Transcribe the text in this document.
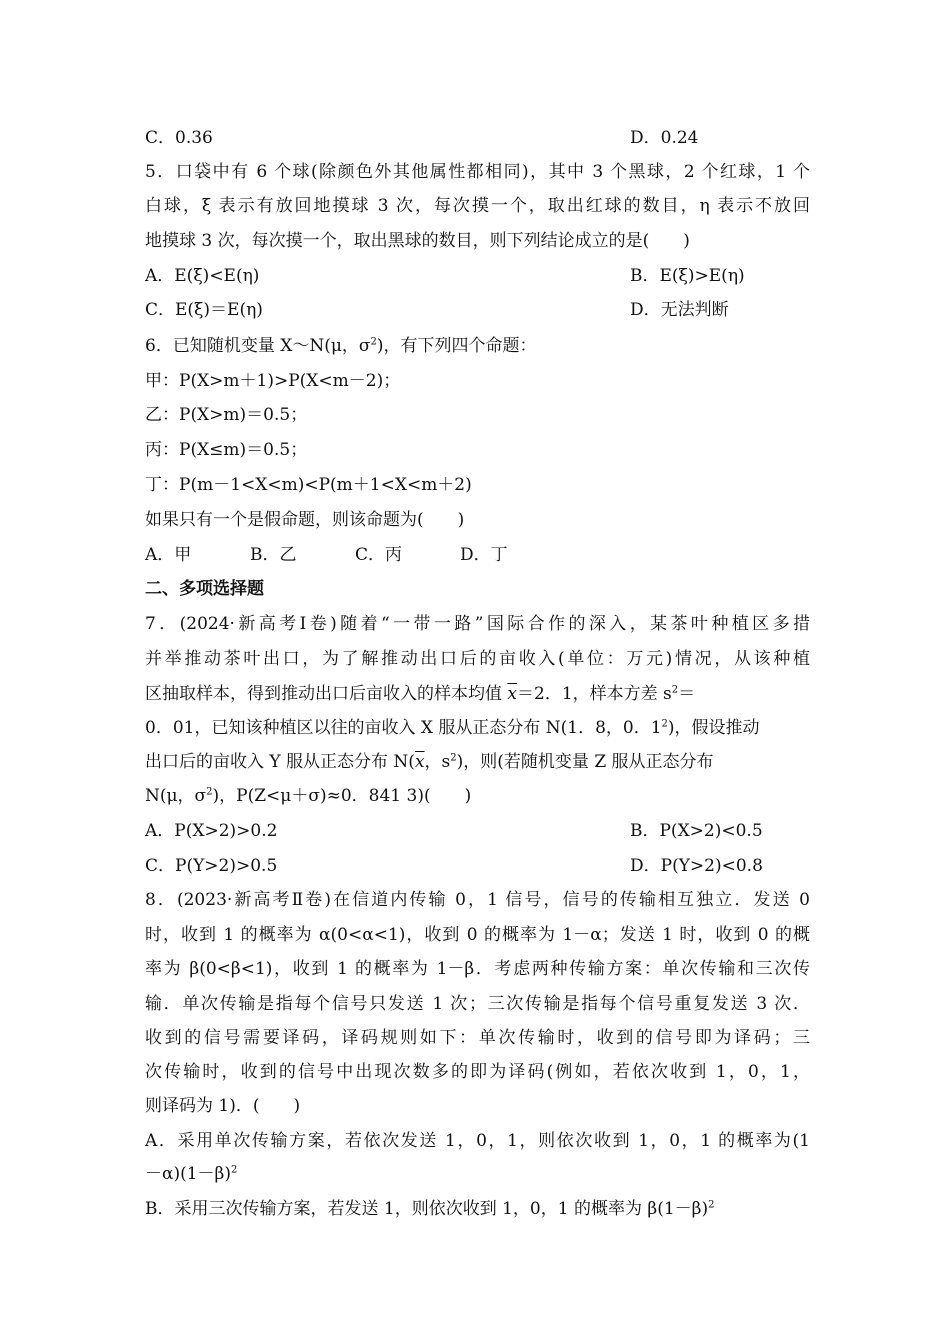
C．0.36	D．0.24
5．口袋中有 6 个球(除颜色外其他属性都相同)，其中 3 个黑球，2 个红球，1 个
白球，ξ 表示有放回地摸球 3 次，每次摸一个，取出红球的数目，η 表示不放回
地摸球 3 次，每次摸一个，取出黑球的数目，则下列结论成立的是(　　)
A．E(ξ)<E(η)	B．E(ξ)>E(η)
C．E(ξ)＝E(η)	D．无法判断
6．已知随机变量 X～N(μ，$\sigma^2$)，有下列四个命题：
甲：P(X>m＋1)>P(X<m－2)；
乙：P(X>m)＝0.5；
丙：P(X≤m)＝0.5；
丁：P(m－1<X<m)<P(m＋1<X<m＋2)
如果只有一个是假命题，则该命题为(　　)
A．甲	B．乙	C．丙	D．丁
二、多项选择题
7．(2024·新高考Ⅰ卷)随着“一带一路”国际合作的深入，某茶叶种植区多措
并举推动茶叶出口，为了解推动出口后的亩收入(单位：万元)情况，从该种植
区抽取样本，得到推动出口后亩收入的样本均值 $\overline{x}=2$．1，样本方差 $s^2=$
0．01，已知该种植区以往的亩收入 X 服从正态分布 N(1．8，0．$1^2$)，假设推动
出口后的亩收入 Y 服从正态分布 $N(\overline{x}$，$s^2$)，则(若随机变量 Z 服从正态分布
N(μ，$\sigma^2$)，P(Z<μ＋σ)≈0．841 3)(　　)
A．P(X>2)>0.2	B．P(X>2)<0.5
C．P(Y>2)>0.5	D．P(Y>2)<0.8
8．(2023·新高考Ⅱ卷)在信道内传输 0，1 信号，信号的传输相互独立．发送 0
时，收到 1 的概率为 α(0<α<1)，收到 0 的概率为 1－α；发送 1 时，收到 0 的概
率为 β(0<β<1)，收到 1 的概率为 1－β．考虑两种传输方案：单次传输和三次传
输．单次传输是指每个信号只发送 1 次；三次传输是指每个信号重复发送 3 次．
收到的信号需要译码，译码规则如下：单次传输时，收到的信号即为译码；三
次传输时，收到的信号中出现次数多的即为译码(例如，若依次收到 1，0，1，
则译码为 1)．(　　)
A．采用单次传输方案，若依次发送 1，0，1，则依次收到 1，0，1 的概率为(1
$-\alpha)(1-\beta)^2$
B．采用三次传输方案，若发送 1，则依次收到 1，0，1 的概率为 $\beta(1-\beta)^2$
